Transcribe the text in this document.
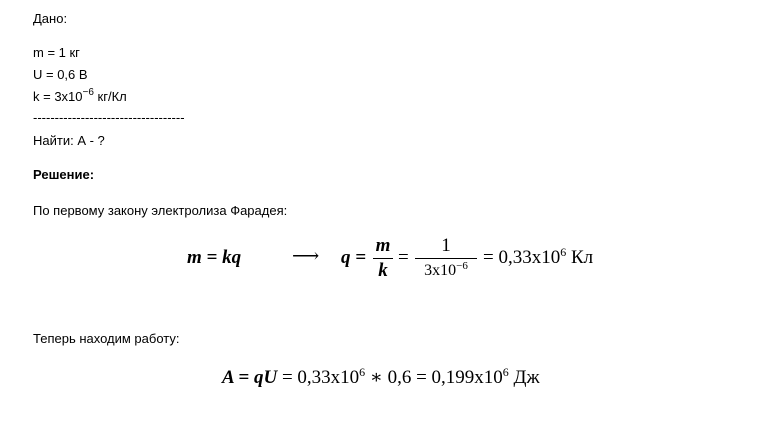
Дано:
m = 1 кг
U = 0,6 В
$k = 3x10^{-6}$ кг/Кл
-----------------------------------
Найти: А - ?
Решение:
По первому закону электролиза Фарадея:
m = kq	⟶ q =
m
k
=
1
$3x10^{-6} = 0,33x10^6$ Кл
Теперь находим работу:
A = qU = $0,33x10^6$ ∗ $0,6 = 0,199x10^6$ Дж
